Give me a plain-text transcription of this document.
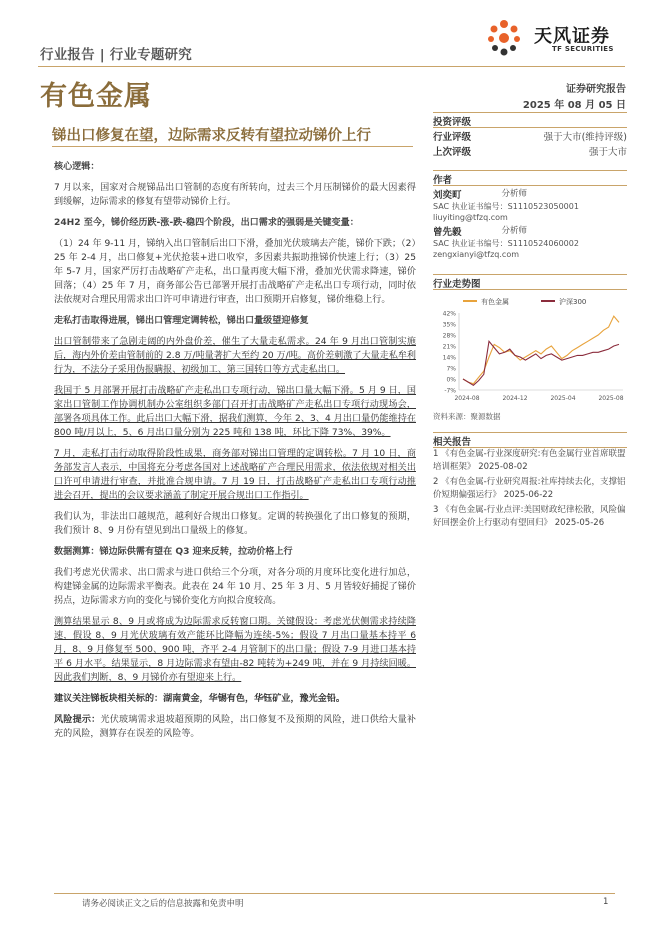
行业报告 | 行业专题研究
天风证券
TF SECURITIES
有色金属	证券研究报告
2025 年 08 月 05 日
锑出口修复在望，边际需求反转有望拉动锑价上行
核心逻辑：

7 月以来，国家对合规锑品出口管制的态度有所转向，过去三个月压制锑价的最大因素得到缓解，边际需求的修复有望带动锑价上行。

24H2 至今，锑价经历跌-涨-跌-稳四个阶段，出口需求的强弱是关键变量：

（1）24 年 9-11 月，锑纳入出口管制后出口下滑，叠加光伏玻璃去产能，锑价下跌；（2）25 年 2-4 月，出口修复+光伏抢装+进口收窄，多因素共振助推锑价快速上行；（3）25 年 5-7 月，国家严厉打击战略矿产走私，出口量再度大幅下滑，叠加光伏需求降速，锑价回落；（4）25 年 7 月，商务部公告已部署开展打击战略矿产走私出口专项行动，同时依法依规对合理民用需求出口许可申请进行审查，出口预期开启修复，锑价维稳上行。

走私打击取得进展，锑出口管理定调转松，锑出口量级望迎修复

出口管制带来了急剧走阔的内外盘价差，催生了大量走私需求。24 年 9 月出口管制实施后，海内外价差由管制前的 2.8 万/吨量著扩大至约 20 万/吨。高价差刺激了大量走私牟利行为，不法分子采用伪报瞒报、初级加工、第三国转口等方式走私出口。

我国于 5 月部署开展打击战略矿产走私出口专项行动，锑出口量大幅下滑。5 月 9 日，国家出口管制工作协调机制办公室组织多部门召开打击战略矿产走私出口专项行动现场会，部署各项具体工作。此后出口大幅下滑，据我们测算，今年 2、3、4 月出口量仍能维持在 800 吨/月以上，5、6 月出口量分别为 225 吨和 138 吨，环比下降 73%、39%。

7 月，走私打击行动取得阶段性成果，商务部对锑出口管理的定调转松。7 月 10 日，商务部发言人表示，中国将充分考虑各国对上述战略矿产合理民用需求，依法依规对相关出口许可申请进行审查，并批准合规申请。7 月 19 日，打击战略矿产走私出口专项行动推进会召开，提出的会议要求涵盖了制定开展合规出口工作指引。

我们认为，非法出口越规范，越利好合规出口修复。定调的转换强化了出口修复的预期，我们预计 8、9 月份有望见到出口量级上的修复。

数据测算：锑边际供需有望在 Q3 迎来反转，拉动价格上行

我们考虑光伏需求、出口需求与进口供给三个分项，对各分项的月度环比变化进行加总，构建锑金属的边际需求平衡表。此表在 24 年 10 月、25 年 3 月、5 月皆较好捕捉了锑价拐点，边际需求方向的变化与锑价变化方向拟合度较高。

测算结果显示 8、9 月或将成为边际需求反转窗口期。关键假设：考虑光伏侧需求持续降速，假设 8、9 月光伏玻璃有效产能环比降幅为连续-5%；假设 7 月出口量基本持平 6 月，8、9 月修复至 500、900 吨，齐平 2-4 月管制下的出口量；假设 7-9 月进口基本持平 6 月水平。结果显示，8 月边际需求有望由-82 吨转为+249 吨，并在 9 月持续回暖。因此我们判断，8、9 月锑价亦有望迎来上行。

建议关注锑板块相关标的：湖南黄金，华锡有色，华钰矿业，豫光金铅。

风险提示：光伏玻璃需求退坡超预期的风险，出口修复不及预期的风险，进口供给大量补充的风险，测算存在误差的风险等。

投资评级
行业评级	强于大市(维持评级)
上次评级	强于大市
作者
刘奕町	分析师
SAC 执业证书编号：S1110523050001
liuyiting@tfzq.com
曾先毅	分析师
SAC 执业证书编号：S1110524060002
zengxianyi@tfzq.com
行业走势图
有色金属	沪深300
42%
35%
28%
21%
14%
7%
0%
-7%
2024-08	2024-12	2025-04	2025-08
资料来源：聚源数据
相关报告
1 《有色金属-行业深度研究:有色金属行业首席联盟培训框架》 2025-08-02
2 《有色金属-行业研究周报:社库持续去化，支撑铝价短期偏强运行》 2025-06-22
3 《有色金属-行业点评:美国财政纪律松散，风险偏好回摆金价上行驱动有望回归》 2025-05-26
请务必阅读正文之后的信息披露和免责申明	1
